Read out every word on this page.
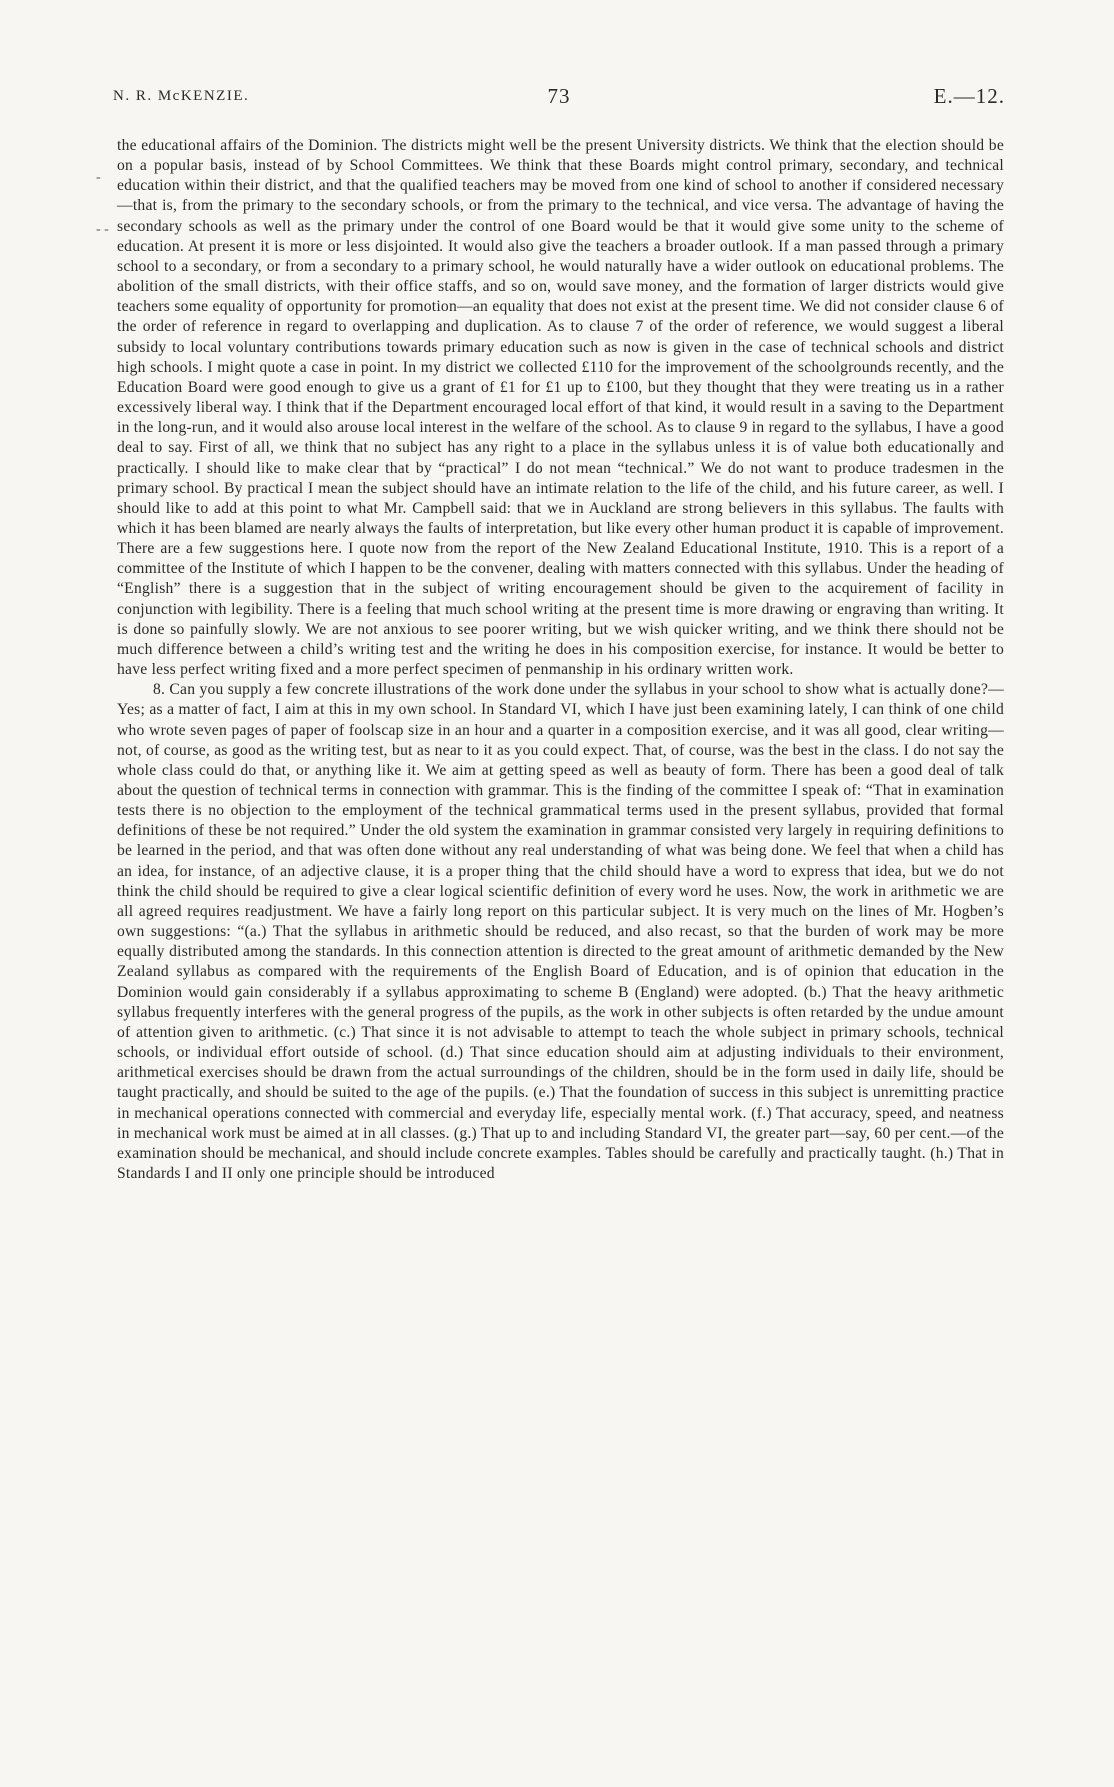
N. R. McKENZIE.	73	E.—12.
‑
‑ ‑

the educational affairs of the Dominion. The districts might well be the present University districts. We think that the election should be on a popular basis, instead of by School Committees. We think that these Boards might control primary, secondary, and technical education within their district, and that the qualified teachers may be moved from one kind of school to another if considered necessary—that is, from the primary to the secondary schools, or from the primary to the technical, and vice versa. The advantage of having the secondary schools as well as the primary under the control of one Board would be that it would give some unity to the scheme of education. At present it is more or less disjointed. It would also give the teachers a broader outlook. If a man passed through a primary school to a secondary, or from a secondary to a primary school, he would naturally have a wider outlook on educational problems. The abolition of the small districts, with their office staffs, and so on, would save money, and the formation of larger districts would give teachers some equality of opportunity for promotion—an equality that does not exist at the present time. We did not consider clause 6 of the order of reference in regard to overlapping and duplication. As to clause 7 of the order of reference, we would suggest a liberal subsidy to local voluntary contributions towards primary education such as now is given in the case of technical schools and district high schools. I might quote a case in point. In my district we collected £110 for the improvement of the schoolgrounds recently, and the Education Board were good enough to give us a grant of £1 for £1 up to £100, but they thought that they were treating us in a rather excessively liberal way. I think that if the Department encouraged local effort of that kind, it would result in a saving to the Department in the long-run, and it would also arouse local interest in the welfare of the school. As to clause 9 in regard to the syllabus, I have a good deal to say. First of all, we think that no subject has any right to a place in the syllabus unless it is of value both educationally and practically. I should like to make clear that by “practical” I do not mean “technical.” We do not want to produce tradesmen in the primary school. By practical I mean the subject should have an intimate relation to the life of the child, and his future career, as well. I should like to add at this point to what Mr. Campbell said: that we in Auckland are strong believers in this syllabus. The faults with which it has been blamed are nearly always the faults of interpretation, but like every other human product it is capable of improvement. There are a few suggestions here. I quote now from the report of the New Zealand Educational Institute, 1910. This is a report of a committee of the Institute of which I happen to be the convener, dealing with matters connected with this syllabus. Under the heading of “English” there is a suggestion that in the subject of writing encouragement should be given to the acquirement of facility in conjunction with legibility. There is a feeling that much school writing at the present time is more drawing or engraving than writing. It is done so painfully slowly. We are not anxious to see poorer writing, but we wish quicker writing, and we think there should not be much difference between a child’s writing test and the writing he does in his composition exercise, for instance. It would be better to have less perfect writing fixed and a more perfect specimen of penmanship in his ordinary written work.

8. Can you supply a few concrete illustrations of the work done under the syllabus in your school to show what is actually done?—Yes; as a matter of fact, I aim at this in my own school. In Standard VI, which I have just been examining lately, I can think of one child who wrote seven pages of paper of foolscap size in an hour and a quarter in a composition exercise, and it was all good, clear writing—not, of course, as good as the writing test, but as near to it as you could expect. That, of course, was the best in the class. I do not say the whole class could do that, or anything like it. We aim at getting speed as well as beauty of form. There has been a good deal of talk about the question of technical terms in connection with grammar. This is the finding of the committee I speak of: “That in examination tests there is no objection to the employment of the technical grammatical terms used in the present syllabus, provided that formal definitions of these be not required.” Under the old system the examination in grammar consisted very largely in requiring definitions to be learned in the period, and that was often done without any real understanding of what was being done. We feel that when a child has an idea, for instance, of an adjective clause, it is a proper thing that the child should have a word to express that idea, but we do not think the child should be required to give a clear logical scientific definition of every word he uses. Now, the work in arithmetic we are all agreed requires readjustment. We have a fairly long report on this particular subject. It is very much on the lines of Mr. Hogben’s own suggestions: “(a.) That the syllabus in arithmetic should be reduced, and also recast, so that the burden of work may be more equally distributed among the standards. In this connection attention is directed to the great amount of arithmetic demanded by the New Zealand syllabus as compared with the requirements of the English Board of Education, and is of opinion that education in the Dominion would gain considerably if a syllabus approximating to scheme B (England) were adopted. (b.) That the heavy arithmetic syllabus frequently interferes with the general progress of the pupils, as the work in other subjects is often retarded by the undue amount of attention given to arithmetic. (c.) That since it is not advisable to attempt to teach the whole subject in primary schools, technical schools, or individual effort outside of school. (d.) That since education should aim at adjusting individuals to their environment, arithmetical exercises should be drawn from the actual surroundings of the children, should be in the form used in daily life, should be taught practically, and should be suited to the age of the pupils. (e.) That the foundation of success in this subject is unremitting practice in mechanical operations connected with commercial and everyday life, especially mental work. (f.) That accuracy, speed, and neatness in mechanical work must be aimed at in all classes. (g.) That up to and including Standard VI, the greater part—say, 60 per cent.—of the examination should be mechanical, and should include concrete examples. Tables should be carefully and practically taught. (h.) That in Standards I and II only one principle should be introduced
